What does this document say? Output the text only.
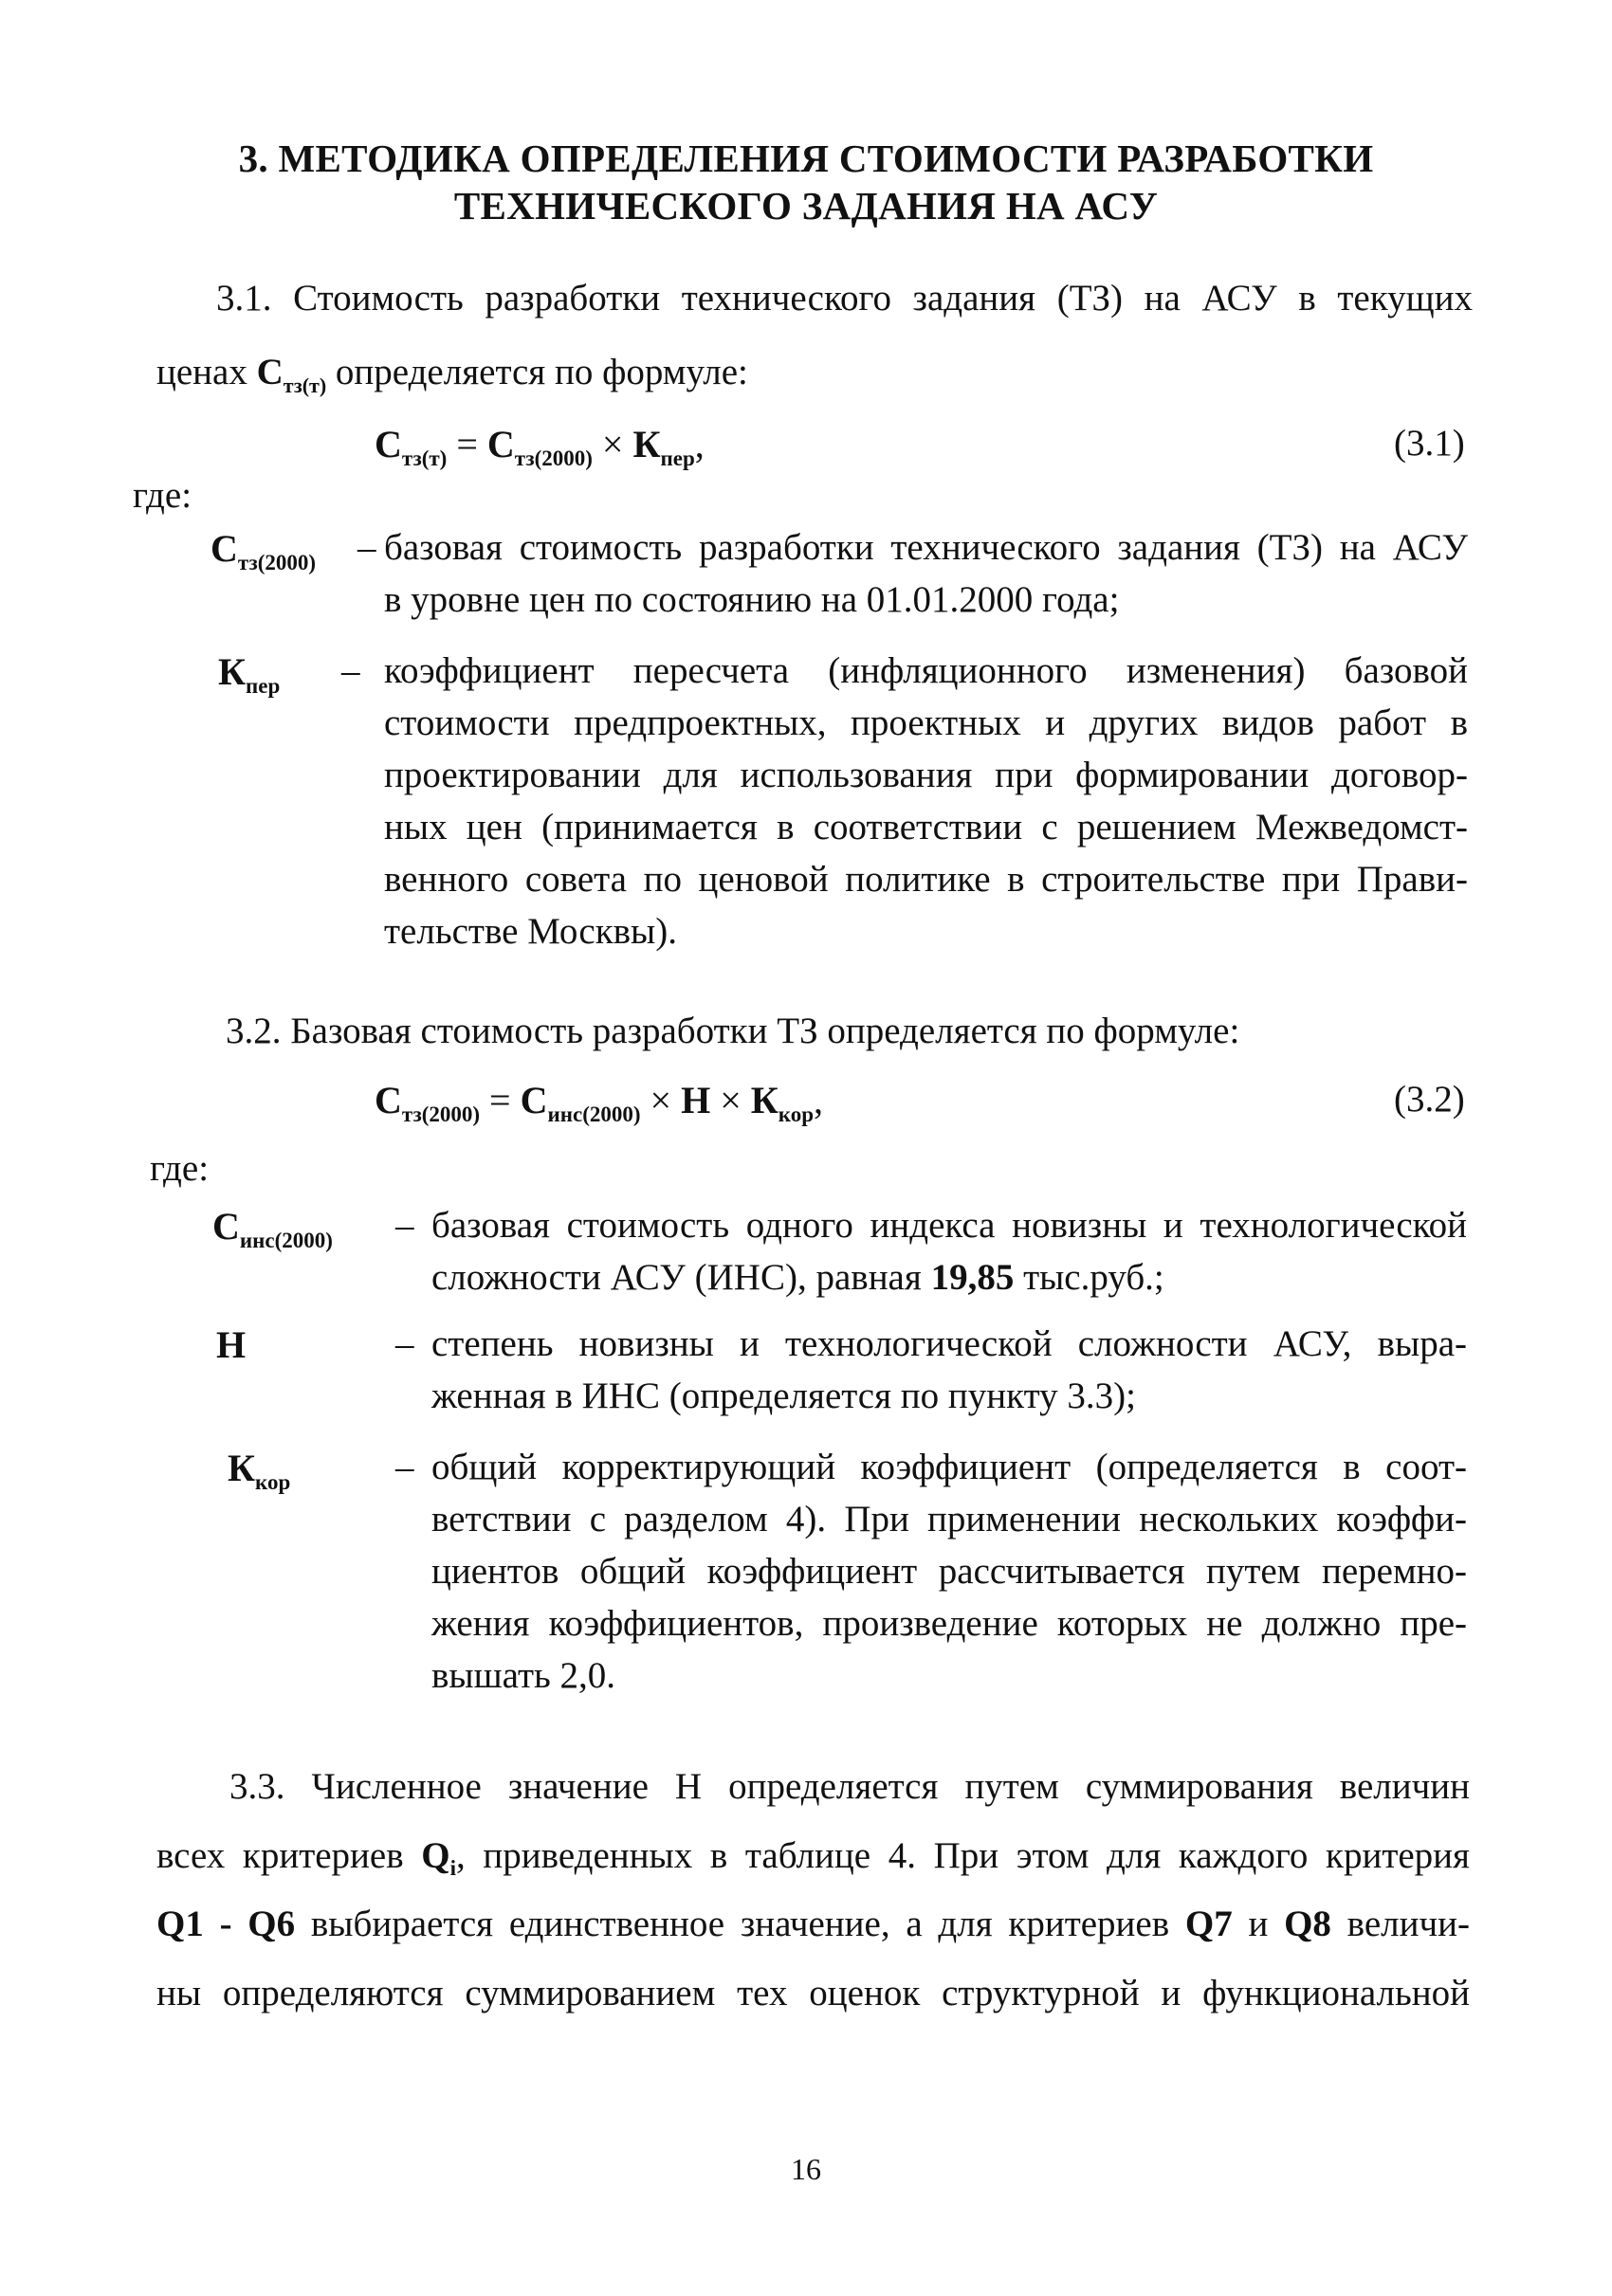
3. МЕТОДИКА ОПРЕДЕЛЕНИЯ СТОИМОСТИ РАЗРАБОТКИ
ТЕХНИЧЕСКОГО ЗАДАНИЯ НА АСУ
3.1. Стоимость разработки технического задания (ТЗ) на АСУ в текущих
ценах $С_{тз(т)}$ определяется по формуле:
$С_{тз(т)} = С_{тз(2000)} \times К_{пер}$,	(3.1)
где:
$С_{тз(2000)}$ – базовая стоимость разработки технического задания (ТЗ) на АСУ
в уровне цен по состоянию на 01.01.2000 года;
$К_{пер}$ – коэффициент пересчета (инфляционного изменения) базовой
стоимости предпроектных, проектных и других видов работ в
проектировании для использования при формировании договор-
ных цен (принимается в соответствии с решением Межведомст-
венного совета по ценовой политике в строительстве при Прави-
тельстве Москвы).
3.2. Базовая стоимость разработки ТЗ определяется по формуле:
$С_{тз(2000)} = С_{инс(2000)} \times Н \times К_{кор}$,	(3.2)
где:
$С_{инс(2000)}$ – базовая стоимость одного индекса новизны и технологической
сложности АСУ (ИНС), равная 19,85 тыс.руб.;
Н	– степень новизны и технологической сложности АСУ, выра-
женная в ИНС (определяется по пункту 3.3);
$К_{кор}$	– общий корректирующий коэффициент (определяется в соот-
ветствии с разделом 4). При применении нескольких коэффи-
циентов общий коэффициент рассчитывается путем перемно-
жения коэффициентов, произведение которых не должно пре-
вышать 2,0.
3.3. Численное значение Н определяется путем суммирования величин
всех критериев $Q_i$, приведенных в таблице 4. При этом для каждого критерия
Q1 - Q6 выбирается единственное значение, а для критериев Q7 и Q8 величи-
ны определяются суммированием тех оценок структурной и функциональной
16
